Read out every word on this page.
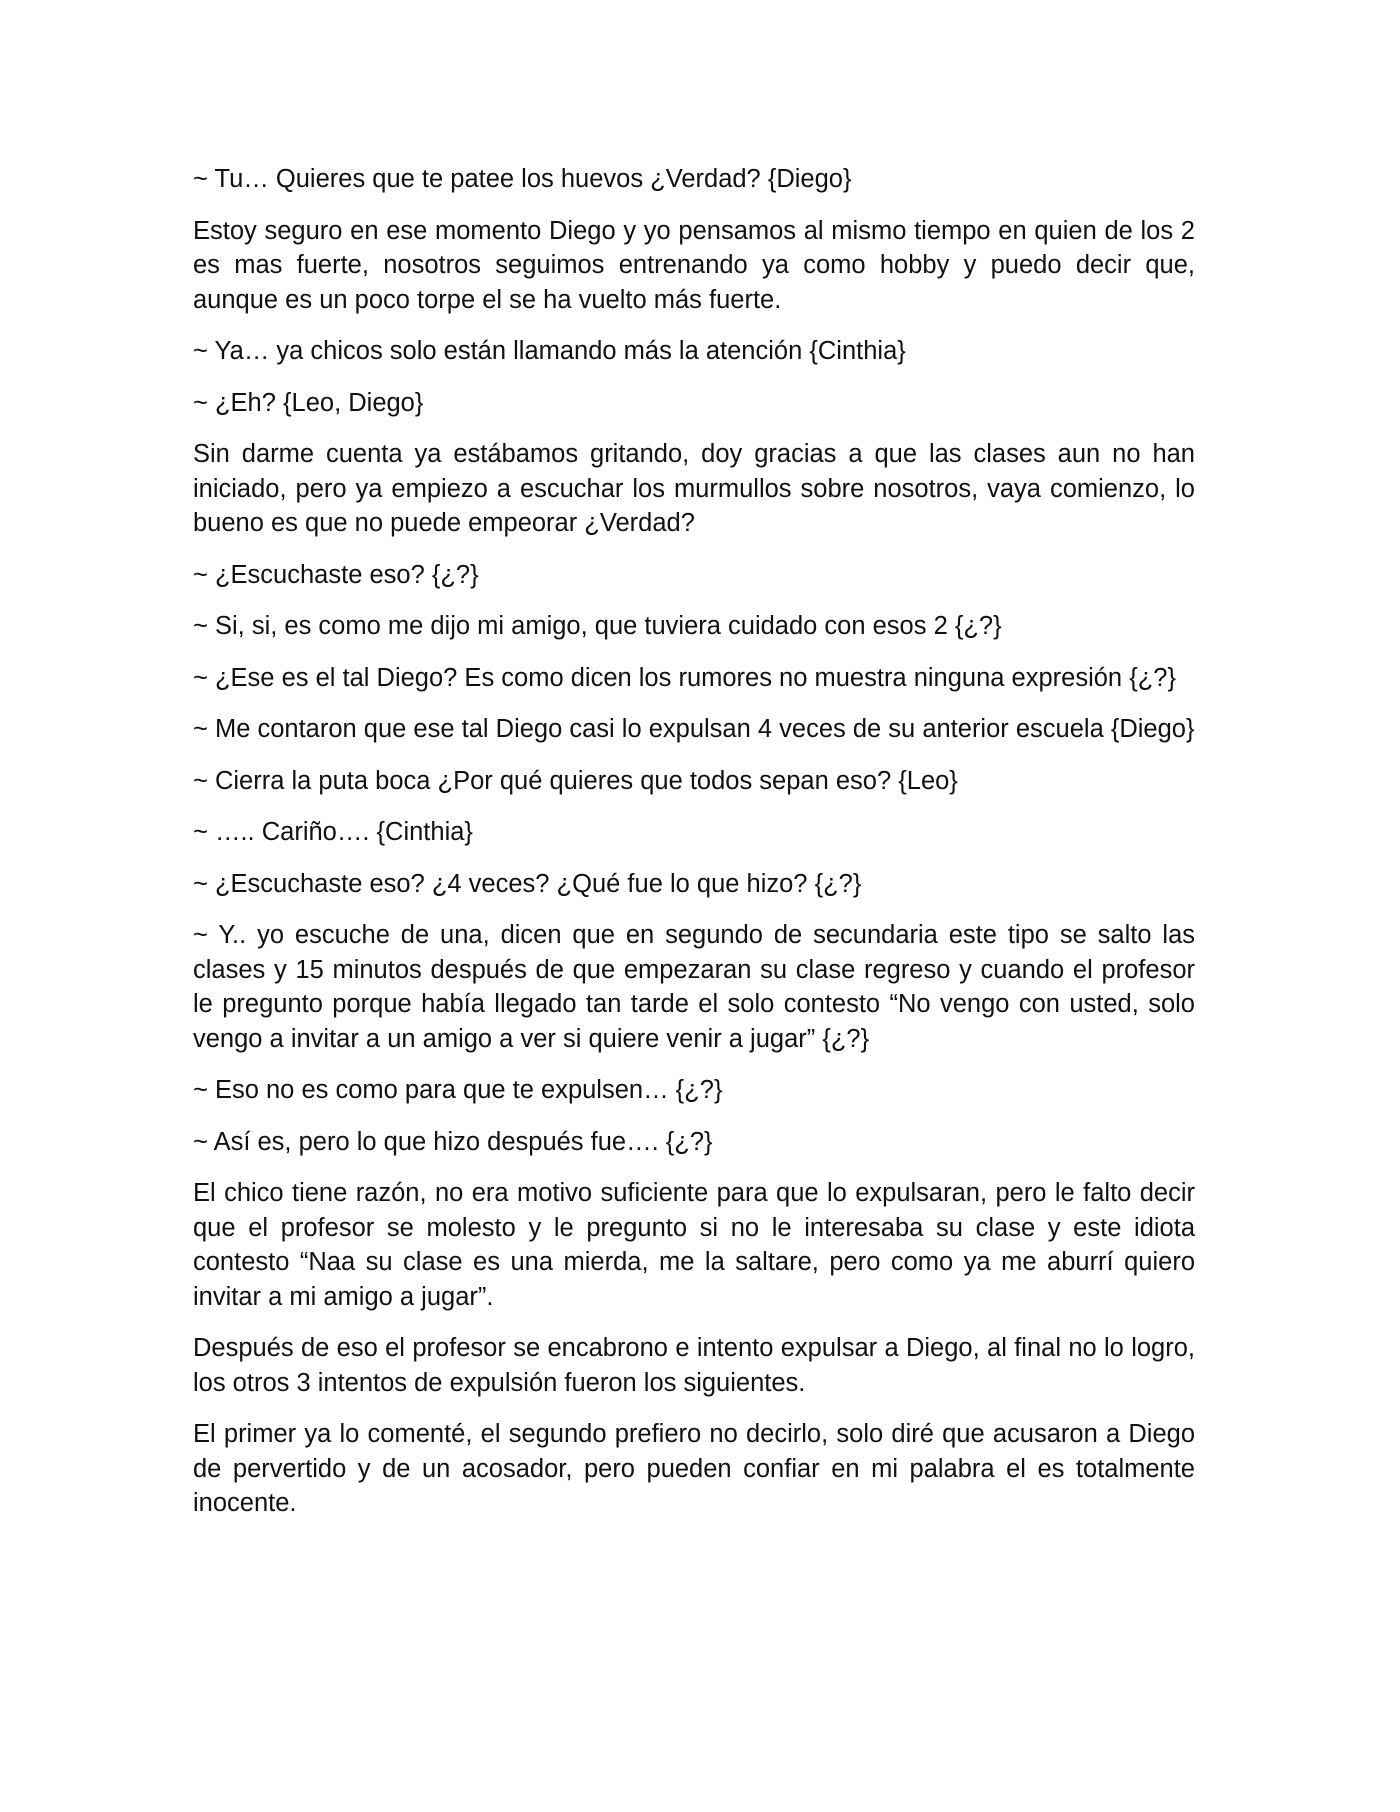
~ Tu… Quieres que te patee los huevos ¿Verdad? {Diego}

Estoy seguro en ese momento Diego y yo pensamos al mismo tiempo en quien de los 2 es mas fuerte, nosotros seguimos entrenando ya como hobby y puedo decir que, aunque es un poco torpe el se ha vuelto más fuerte.

~ Ya… ya chicos solo están llamando más la atención {Cinthia}

~ ¿Eh? {Leo, Diego}

Sin darme cuenta ya estábamos gritando, doy gracias a que las clases aun no han iniciado, pero ya empiezo a escuchar los murmullos sobre nosotros, vaya comienzo, lo bueno es que no puede empeorar ¿Verdad?

~ ¿Escuchaste eso? {¿?}

~ Si, si, es como me dijo mi amigo, que tuviera cuidado con esos 2 {¿?}

~ ¿Ese es el tal Diego? Es como dicen los rumores no muestra ninguna expresión {¿?}

~ Me contaron que ese tal Diego casi lo expulsan 4 veces de su anterior escuela {Diego}

~ Cierra la puta boca ¿Por qué quieres que todos sepan eso? {Leo}

~ ….. Cariño…. {Cinthia}

~ ¿Escuchaste eso? ¿4 veces? ¿Qué fue lo que hizo? {¿?}

~ Y.. yo escuche de una, dicen que en segundo de secundaria este tipo se salto las clases y 15 minutos después de que empezaran su clase regreso y cuando el profesor le pregunto porque había llegado tan tarde el solo contesto “No vengo con usted, solo vengo a invitar a un amigo a ver si quiere venir a jugar” {¿?}

~ Eso no es como para que te expulsen… {¿?}

~ Así es, pero lo que hizo después fue…. {¿?}

El chico tiene razón, no era motivo suficiente para que lo expulsaran, pero le falto decir que el profesor se molesto y le pregunto si no le interesaba su clase y este idiota contesto “Naa su clase es una mierda, me la saltare, pero como ya me aburrí quiero invitar a mi amigo a jugar”.

Después de eso el profesor se encabrono e intento expulsar a Diego, al final no lo logro, los otros 3 intentos de expulsión fueron los siguientes.

El primer ya lo comenté, el segundo prefiero no decirlo, solo diré que acusaron a Diego de pervertido y de un acosador, pero pueden confiar en mi palabra el es totalmente inocente.
